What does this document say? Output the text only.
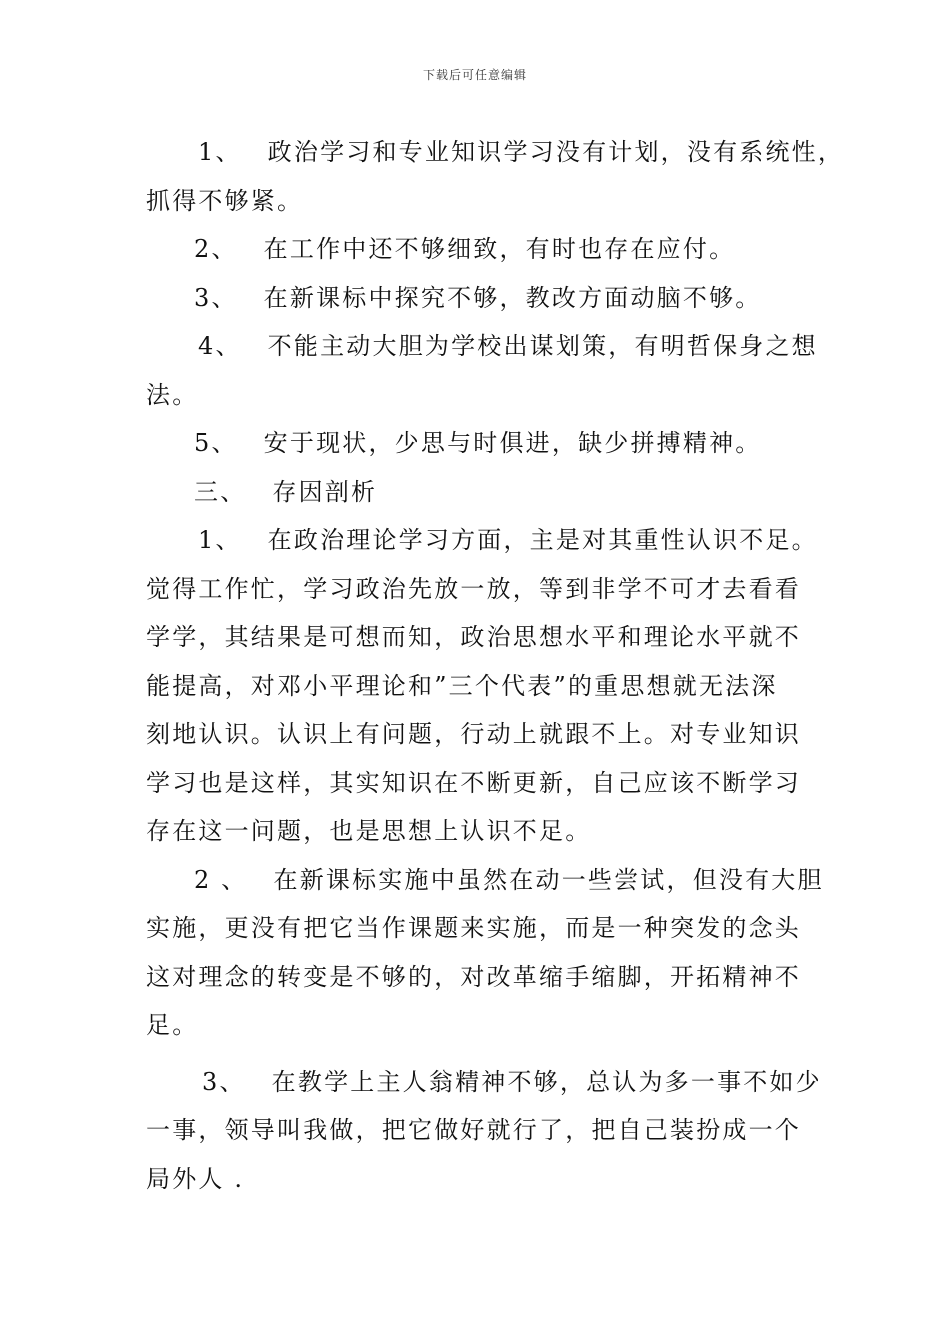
下载后可任意编辑

1、 政治学习和专业知识学习没有计划，没有系统性，

抓得不够紧。

2、 在工作中还不够细致，有时也存在应付。

3、 在新课标中探究不够，教改方面动脑不够。

4、 不能主动大胆为学校出谋划策，有明哲保身之想

法。

5、 安于现状，少思与时俱进，缺少拼搏精神。

三、 存因剖析

1、 在政治理论学习方面，主是对其重性认识不足。

觉得工作忙，学习政治先放一放，等到非学不可才去看看
学学，其结果是可想而知，政治思想水平和理论水平就不
能提高，对邓小平理论和”三个代表”的重思想就无法深
刻地认识。认识上有问题，行动上就跟不上。对专业知识
学习也是这样，其实知识在不断更新，自己应该不断学习
存在这一问题，也是思想上认识不足。

2 、 在新课标实施中虽然在动一些尝试，但没有大胆

实施，更没有把它当作课题来实施，而是一种突发的念头
这对理念的转变是不够的，对改革缩手缩脚，开拓精神不
足。

3、 在教学上主人翁精神不够，总认为多一事不如少

一事，领导叫我做，把它做好就行了，把自己装扮成一个
局外人 .
